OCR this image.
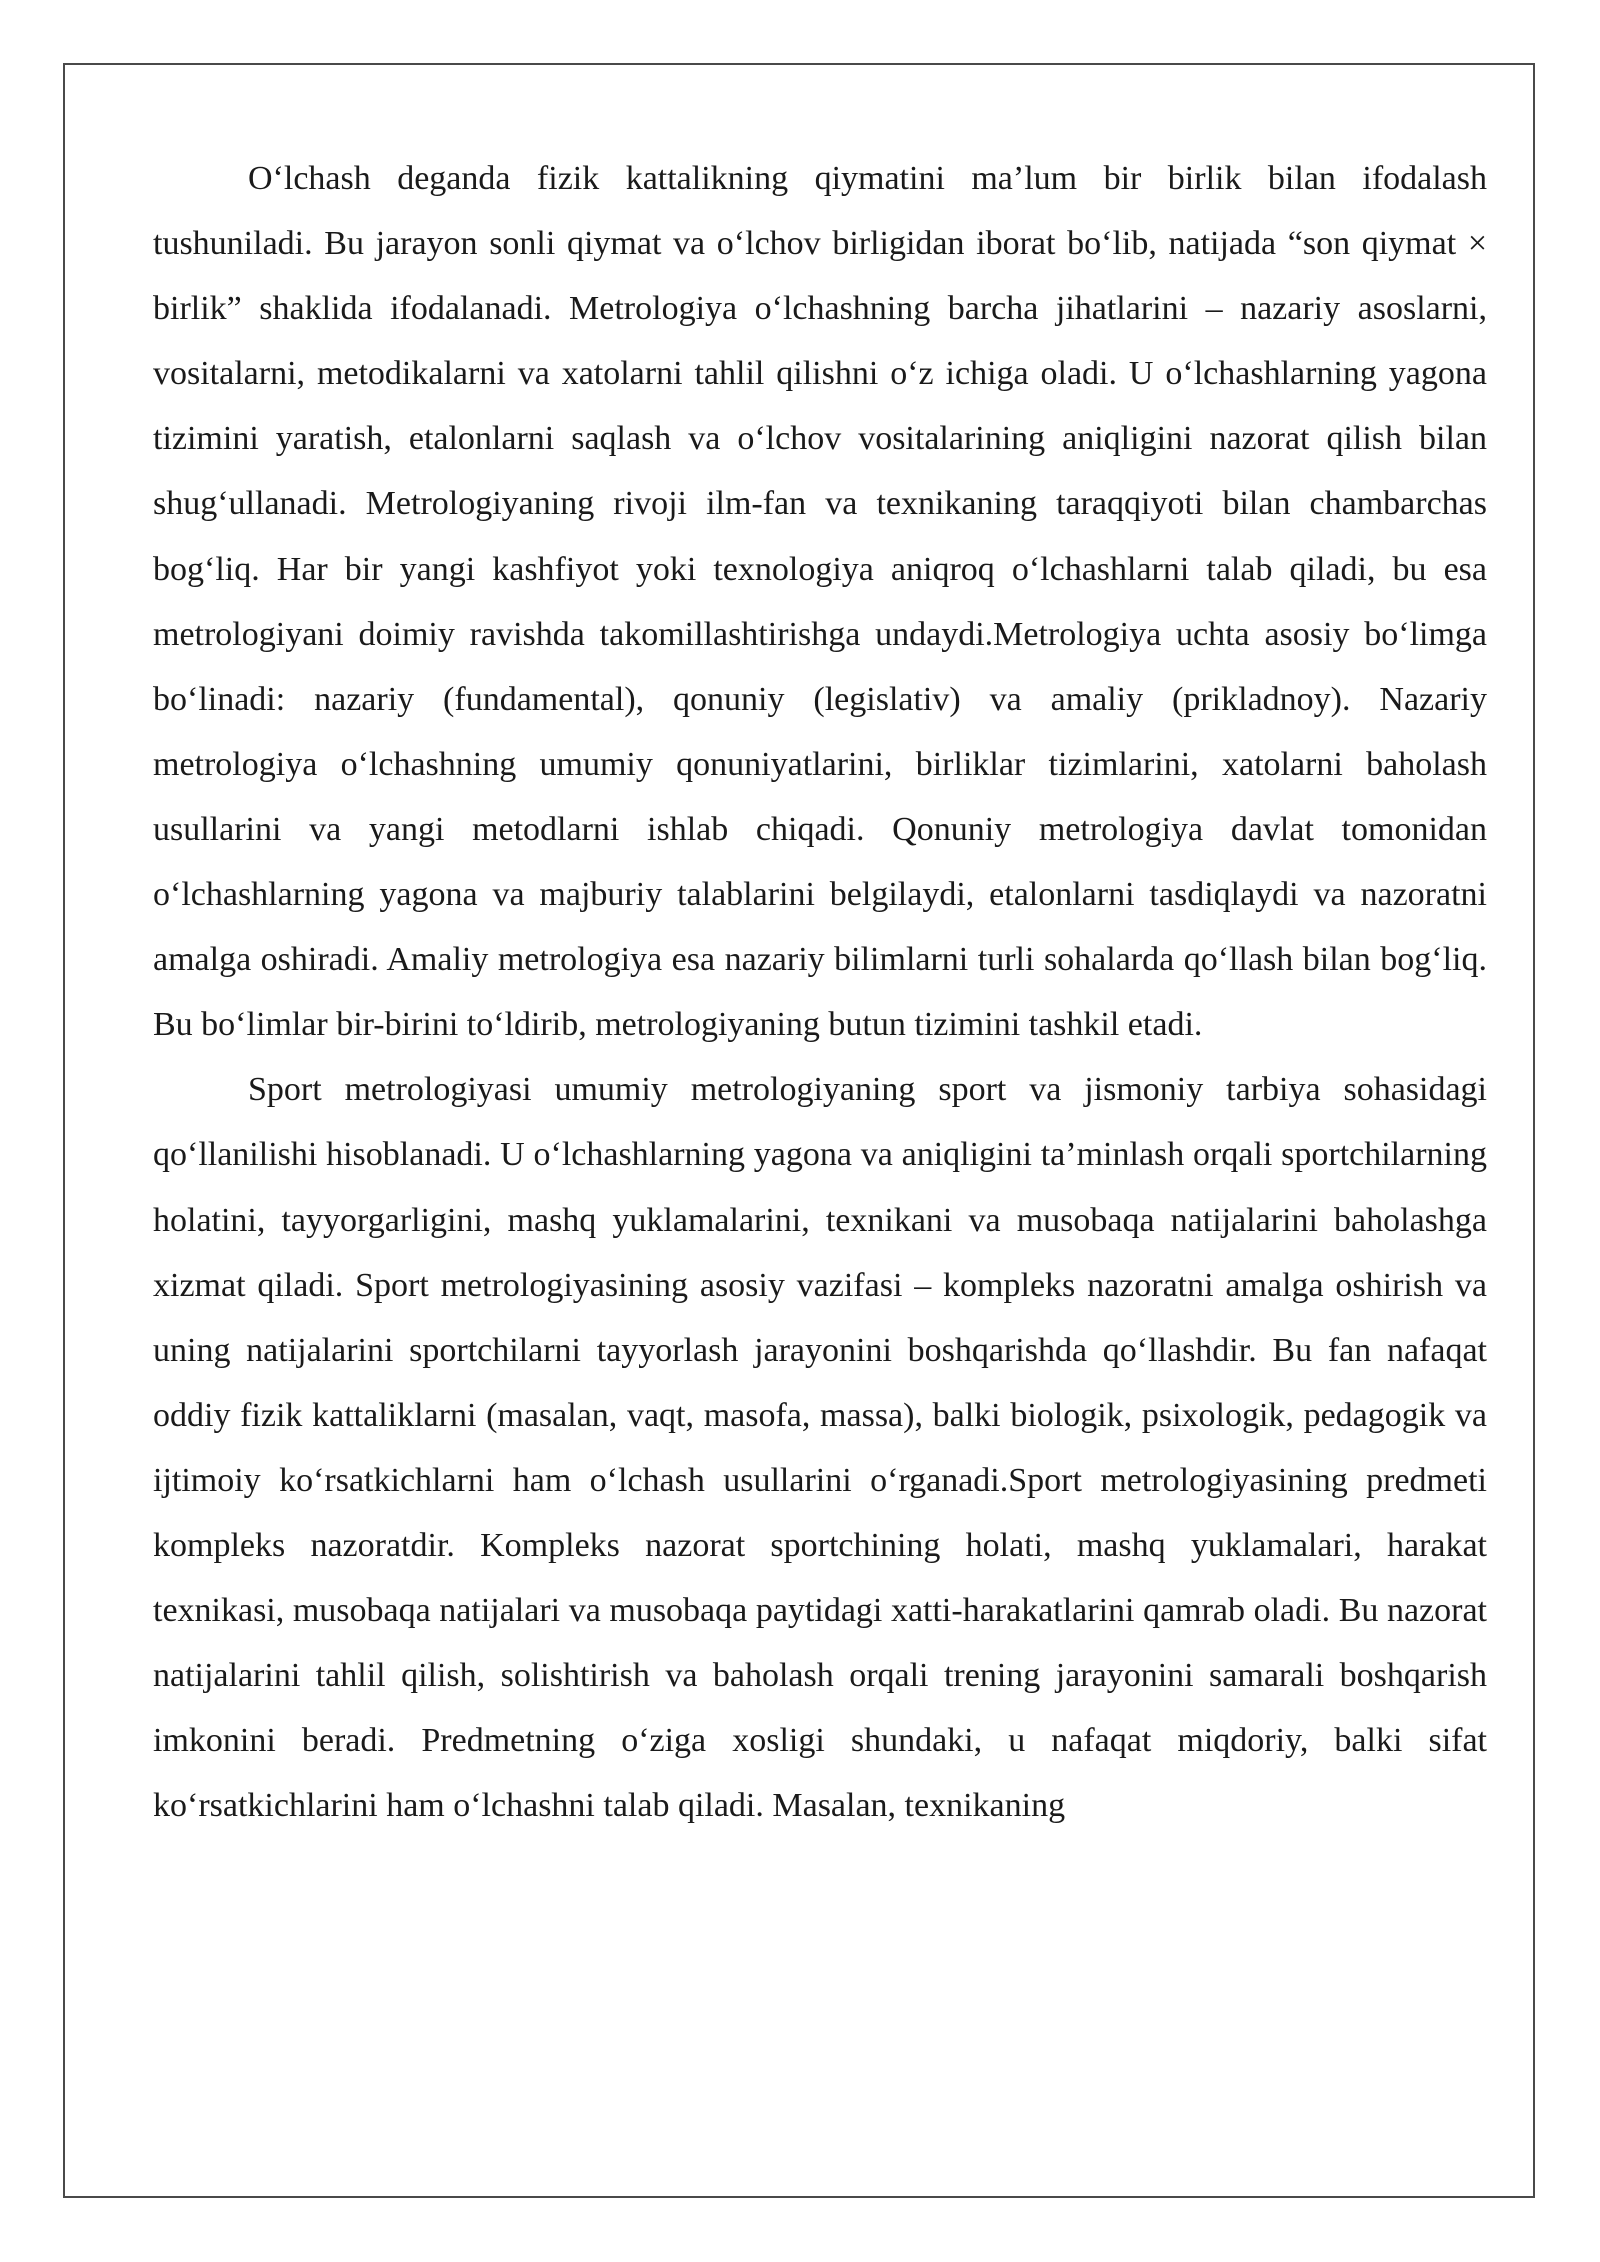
O‘lchash deganda fizik kattalikning qiymatini ma’lum bir birlik bilan ifodalash tushuniladi. Bu jarayon sonli qiymat va o‘lchov birligidan iborat bo‘lib, natijada “son qiymat × birlik” shaklida ifodalanadi. Metrologiya o‘lchashning barcha jihatlarini – nazariy asoslarni, vositalarni, metodikalarni va xatolarni tahlil qilishni o‘z ichiga oladi. U o‘lchashlarning yagona tizimini yaratish, etalonlarni saqlash va o‘lchov vositalarining aniqligini nazorat qilish bilan shug‘ullanadi. Metrologiyaning rivoji ilm-fan va texnikaning taraqqiyoti bilan chambarchas bog‘liq. Har bir yangi kashfiyot yoki texnologiya aniqroq o‘lchashlarni talab qiladi, bu esa metrologiyani doimiy ravishda takomillashtirishga undaydi.Metrologiya uchta asosiy bo‘limga bo‘linadi: nazariy (fundamental), qonuniy (legislativ) va amaliy (prikladnoy). Nazariy metrologiya o‘lchashning umumiy qonuniyatlarini, birliklar tizimlarini, xatolarni baholash usullarini va yangi metodlarni ishlab chiqadi. Qonuniy metrologiya davlat tomonidan o‘lchashlarning yagona va majburiy talablarini belgilaydi, etalonlarni tasdiqlaydi va nazoratni amalga oshiradi. Amaliy metrologiya esa nazariy bilimlarni turli sohalarda qo‘llash bilan bog‘liq. Bu bo‘limlar bir-birini to‘ldirib, metrologiyaning butun tizimini tashkil etadi.

Sport metrologiyasi umumiy metrologiyaning sport va jismoniy tarbiya sohasidagi qo‘llanilishi hisoblanadi. U o‘lchashlarning yagona va aniqligini ta’minlash orqali sportchilarning holatini, tayyorgarligini, mashq yuklamalarini, texnikani va musobaqa natijalarini baholashga xizmat qiladi. Sport metrologiyasining asosiy vazifasi – kompleks nazoratni amalga oshirish va uning natijalarini sportchilarni tayyorlash jarayonini boshqarishda qo‘llashdir. Bu fan nafaqat oddiy fizik kattaliklarni (masalan, vaqt, masofa, massa), balki biologik, psixologik, pedagogik va ijtimoiy ko‘rsatkichlarni ham o‘lchash usullarini o‘rganadi.Sport metrologiyasining predmeti kompleks nazoratdir. Kompleks nazorat sportchining holati, mashq yuklamalari, harakat texnikasi, musobaqa natijalari va musobaqa paytidagi xatti-harakatlarini qamrab oladi. Bu nazorat natijalarini tahlil qilish, solishtirish va baholash orqali trening jarayonini samarali boshqarish imkonini beradi. Predmetning o‘ziga xosligi shundaki, u nafaqat miqdoriy, balki sifat ko‘rsatkichlarini ham o‘lchashni talab qiladi. Masalan, texnikaning
